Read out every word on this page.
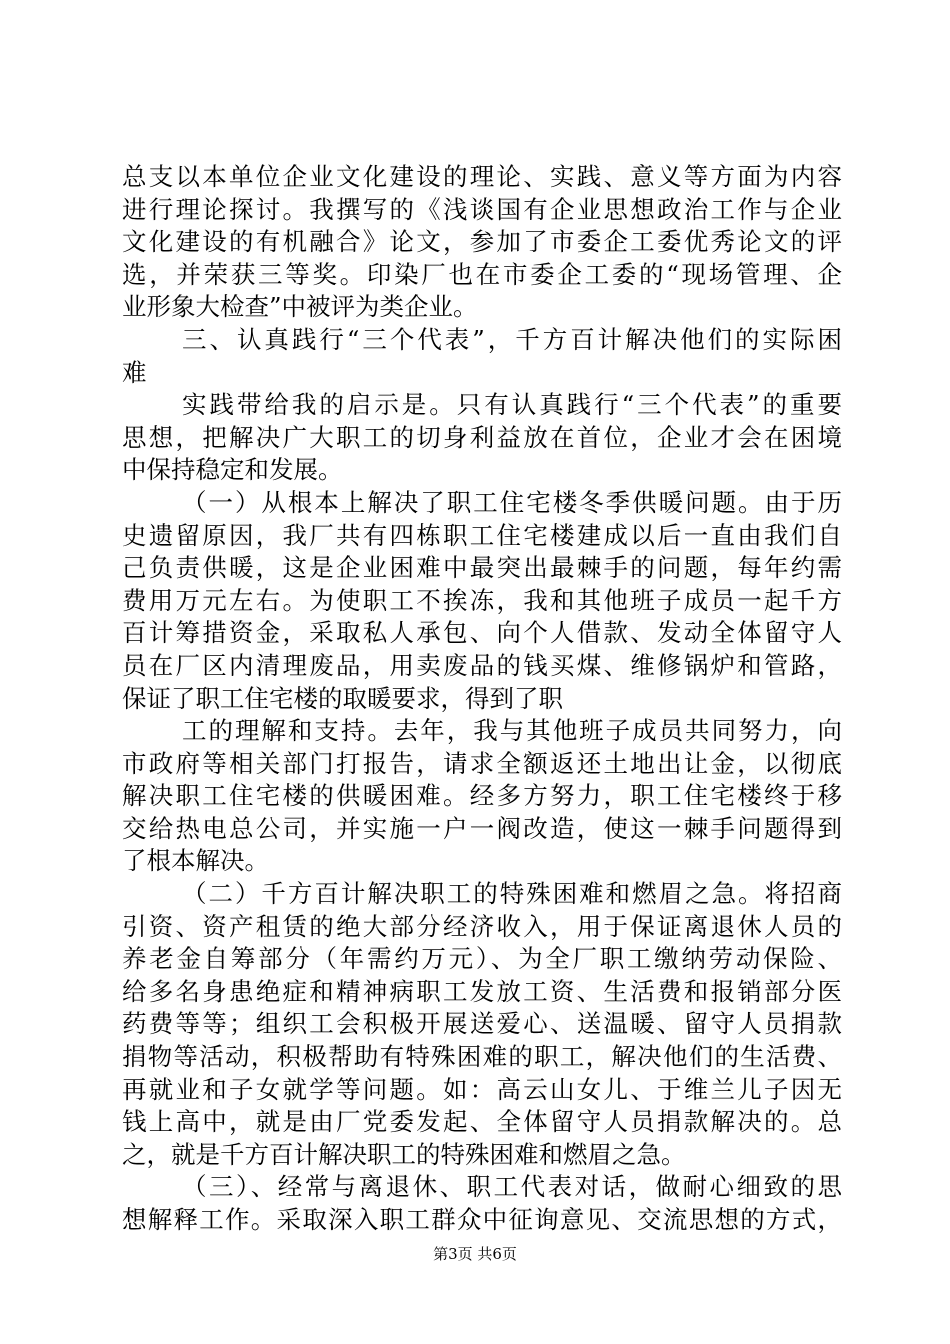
总支以本单位企业文化建设的理论、实践、意义等方面为内容
进行理论探讨。我撰写的《浅谈国有企业思想政治工作与企业
文化建设的有机融合》论文，参加了市委企工委优秀论文的评
选，并荣获三等奖。印染厂也在市委企工委的“现场管理、企
业形象大检查”中被评为类企业。
三、认真践行“三个代表”，千方百计解决他们的实际困
难
实践带给我的启示是。只有认真践行“三个代表”的重要
思想，把解决广大职工的切身利益放在首位，企业才会在困境
中保持稳定和发展。
（一）从根本上解决了职工住宅楼冬季供暖问题。由于历
史遗留原因，我厂共有四栋职工住宅楼建成以后一直由我们自
己负责供暖，这是企业困难中最突出最棘手的问题，每年约需
费用万元左右。为使职工不挨冻，我和其他班子成员一起千方
百计筹措资金，采取私人承包、向个人借款、发动全体留守人
员在厂区内清理废品，用卖废品的钱买煤、维修锅炉和管路，
保证了职工住宅楼的取暖要求，得到了职
工的理解和支持。去年，我与其他班子成员共同努力，向
市政府等相关部门打报告，请求全额返还土地出让金，以彻底
解决职工住宅楼的供暖困难。经多方努力，职工住宅楼终于移
交给热电总公司，并实施一户一阀改造，使这一棘手问题得到
了根本解决。
（二）千方百计解决职工的特殊困难和燃眉之急。将招商
引资、资产租赁的绝大部分经济收入，用于保证离退休人员的
养老金自筹部分（年需约万元）、为全厂职工缴纳劳动保险、
给多名身患绝症和精神病职工发放工资、生活费和报销部分医
药费等等；组织工会积极开展送爱心、送温暖、留守人员捐款
捐物等活动，积极帮助有特殊困难的职工，解决他们的生活费、
再就业和子女就学等问题。如：高云山女儿、于维兰儿子因无
钱上高中，就是由厂党委发起、全体留守人员捐款解决的。总
之，就是千方百计解决职工的特殊困难和燃眉之急。
（三）、经常与离退休、职工代表对话，做耐心细致的思
想解释工作。采取深入职工群众中征询意见、交流思想的方式，
第3页 共6页
